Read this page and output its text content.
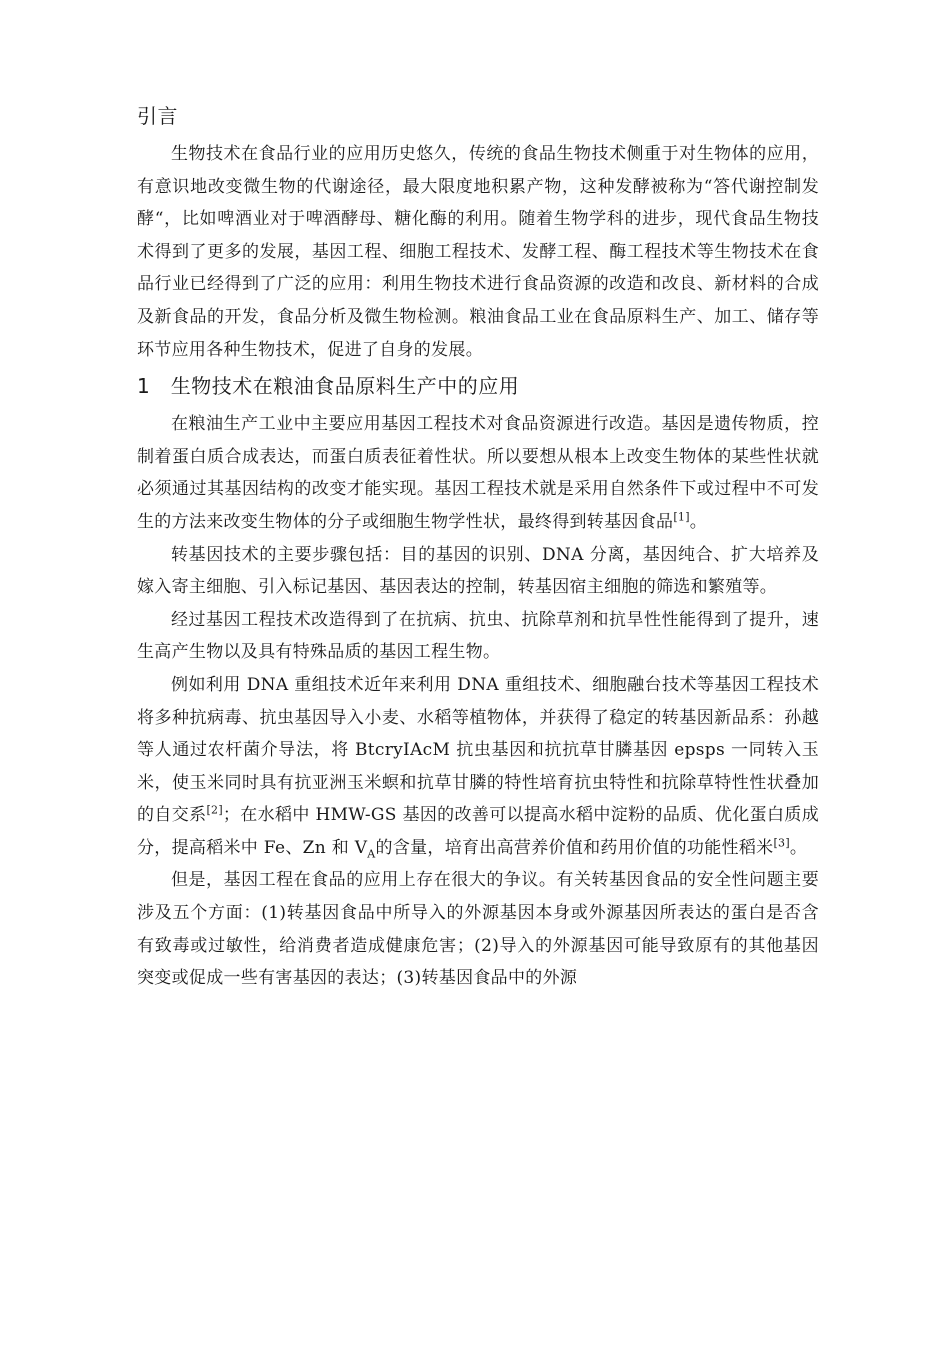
引言

生物技术在食品行业的应用历史悠久，传统的食品生物技术侧重于对生物体的应用，有意识地改变微生物的代谢途径，最大限度地积累产物，这种发酵被称为“答代谢控制发酵“，比如啤酒业对于啤酒酵母、糖化酶的利用。随着生物学科的进步，现代食品生物技术得到了更多的发展，基因工程、细胞工程技术、发酵工程、酶工程技术等生物技术在食品行业已经得到了广泛的应用：利用生物技术进行食品资源的改造和改良、新材料的合成及新食品的开发，食品分析及微生物检测。粮油食品工业在食品原料生产、加工、储存等环节应用各种生物技术，促进了自身的发展。

1   生物技术在粮油食品原料生产中的应用

在粮油生产工业中主要应用基因工程技术对食品资源进行改造。基因是遗传物质，控制着蛋白质合成表达，而蛋白质表征着性状。所以要想从根本上改变生物体的某些性状就必须通过其基因结构的改变才能实现。基因工程技术就是采用自然条件下或过程中不可发生的方法来改变生物体的分子或细胞生物学性状，最终得到转基因食品[1]。

转基因技术的主要步骤包括：目的基因的识别、DNA 分离，基因纯合、扩大培养及嫁入寄主细胞、引入标记基因、基因表达的控制，转基因宿主细胞的筛选和繁殖等。

经过基因工程技术改造得到了在抗病、抗虫、抗除草剂和抗旱性性能得到了提升，速生高产生物以及具有特殊品质的基因工程生物。

例如利用 DNA 重组技术近年来利用 DNA 重组技术、细胞融台技术等基因工程技术将多种抗病毒、抗虫基因导入小麦、水稻等植物体，并获得了稳定的转基因新品系：孙越等人通过农杆菌介导法，将 BtcryIAcM 抗虫基因和抗抗草甘膦基因 epsps 一同转入玉米，使玉米同时具有抗亚洲玉米螟和抗草甘膦的特性培育抗虫特性和抗除草特性性状叠加的自交系[2]；在水稻中 HMW-GS 基因的改善可以提高水稻中淀粉的品质、优化蛋白质成分，提高稻米中 Fe、Zn 和 $V_A$的含量，培育出高营养价值和药用价值的功能性稻米[3]。

但是，基因工程在食品的应用上存在很大的争议。有关转基因食品的安全性问题主要涉及五个方面：(1)转基因食品中所导入的外源基因本身或外源基因所表达的蛋白是否含有致毒或过敏性，给消费者造成健康危害；(2)导入的外源基因可能导致原有的其他基因突变或促成一些有害基因的表达；(3)转基因食品中的外源
